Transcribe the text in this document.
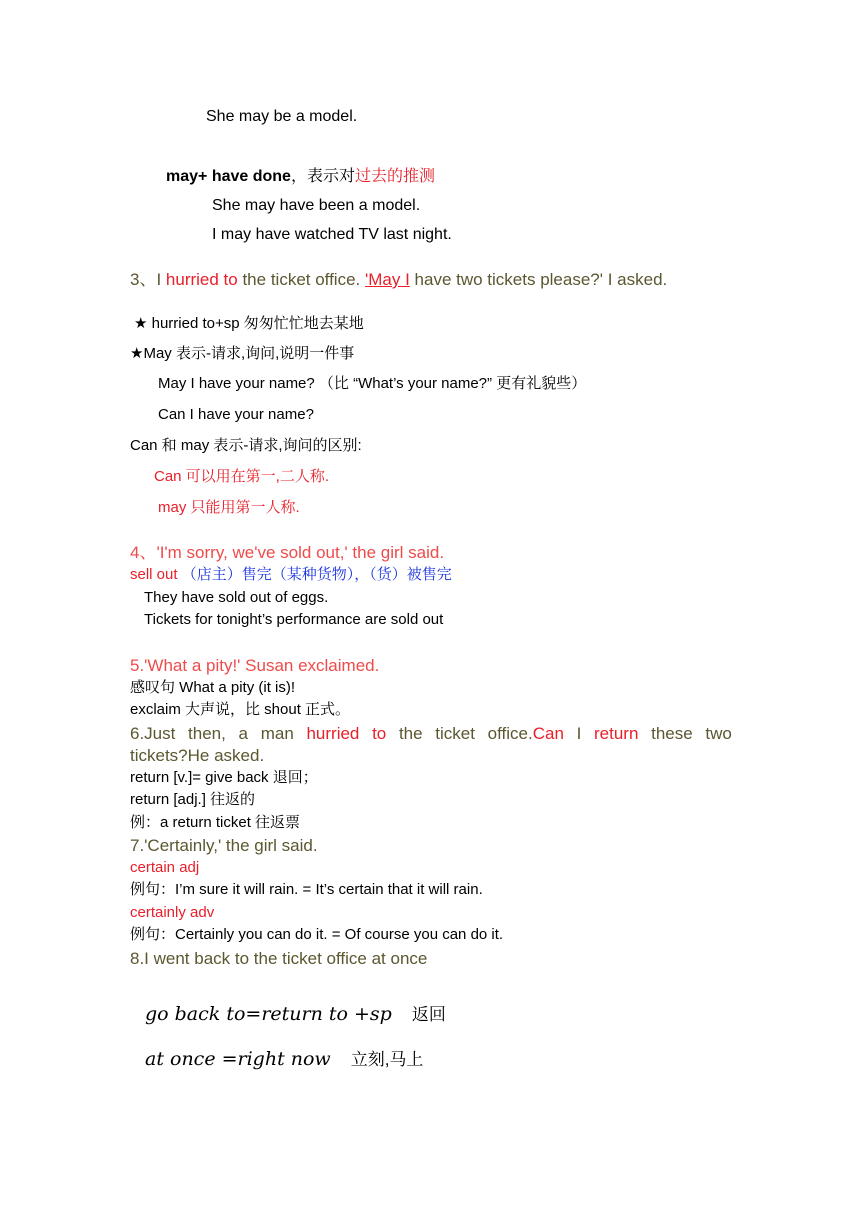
She may be a model.
may+ have done，表示对过去的推测
She may have been a model.
I may have watched TV last night.
3、I hurried to the ticket office. 'May I have two tickets please?' I asked.
★ hurried to+sp 匆匆忙忙地去某地
★May 表示-请求,询问,说明一件事
May I have your name? （比 “What’s your name?” 更有礼貌些）
Can I have your name?
Can 和 may 表示-请求,询问的区别:
Can 可以用在第一,二人称.
may 只能用第一人称.
4、'I'm sorry, we've sold out,' the girl said.
sell out （店主）售完（某种货物），（货）被售完
They have sold out of eggs.
Tickets for tonight’s performance are sold out
5.'What a pity!' Susan exclaimed.
感叹句 What a pity (it is)!
exclaim 大声说，比 shout 正式。
6.Just then, a man hurried to the ticket office.Can I return these two
tickets?He asked.
return [v.]= give back 退回；
return [adj.] 往返的
例：a return ticket 往返票
7.'Certainly,' the girl said.
certain adj
例句：I’m sure it will rain. = It’s certain that it will rain.
certainly adv
例句：Certainly you can do it. = Of course you can do it.
8.I went back to the ticket office at once
go back to=return to +sp 返回
at once =right now 立刻,马上
